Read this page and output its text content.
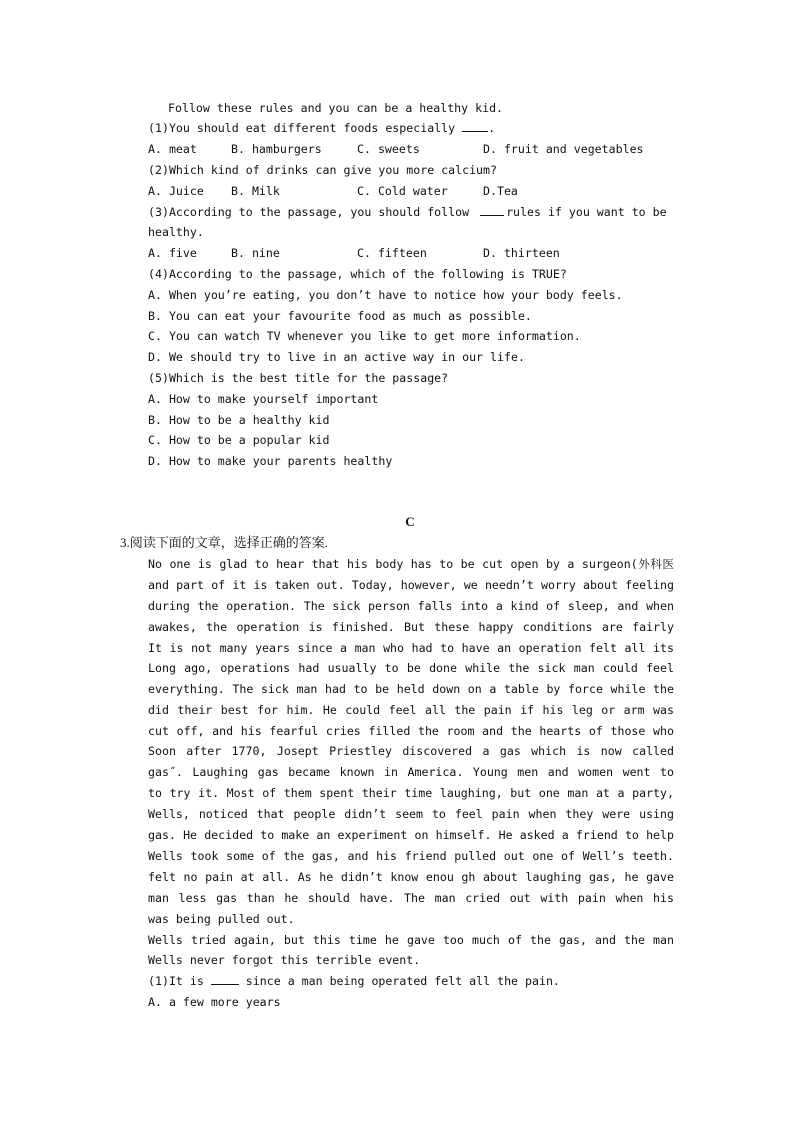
Follow these rules and you can be a healthy kid.
(1)You should eat different foods especially .
A. meat	B. hamburgers	C. sweets	D. fruit and vegetables
(2)Which kind of drinks can give you more calcium?
A. Juice B. Milk	C. Cold water	D.Tea
(3)According to the passage, you should follow	rules if you want to be
healthy.
A. five	B. nine	C. fifteen	D. thirteen
(4)According to the passage, which of the following is TRUE?
A. When you’re eating, you don’t have to notice how your body feels.
B. You can eat your favourite food as much as possible.
C. You can watch TV whenever you like to get more information.
D. We should try to live in an active way in our life.
(5)Which is the best title for the passage?
A. How to make yourself important
B. How to be a healthy kid
C. How to be a popular kid
D. How to make your parents healthy
C
3.阅读下面的文章，选择正确的答案.
No one is glad to hear that his body has to be cut open by a surgeon(外科医
and part of it is taken out. Today, however, we needn’t worry about feeling
during the operation. The sick person falls into a kind of sleep, and when
awakes, the operation is finished. But these happy conditions are fairly
It is not many years since a man who had to have an operation felt all its
Long ago, operations had usually to be done while the sick man could feel
everything. The sick man had to be held down on a table by force while the
did their best for him. He could feel all the pain if his leg or arm was
cut off, and his fearful cries filled the room and the hearts of those who
Soon after 1770, Josept Priestley discovered a gas which is now called
gas˝. Laughing gas became known in America. Young men and women went to
to try it. Most of them spent their time laughing, but one man at a party,
Wells, noticed that people didn’t seem to feel pain when they were using
gas. He decided to make an experiment on himself. He asked a friend to help
Wells took some of the gas, and his friend pulled out one of Well’s teeth.
felt no pain at all. As he didn’t know enou gh about laughing gas, he gave
man less gas than he should have. The man cried out with pain when his
was being pulled out.
Wells tried again, but this time he gave too much of the gas, and the man
Wells never forgot this terrible event.
(1)It is  since a man being operated felt all the pain.
A. a few more years
